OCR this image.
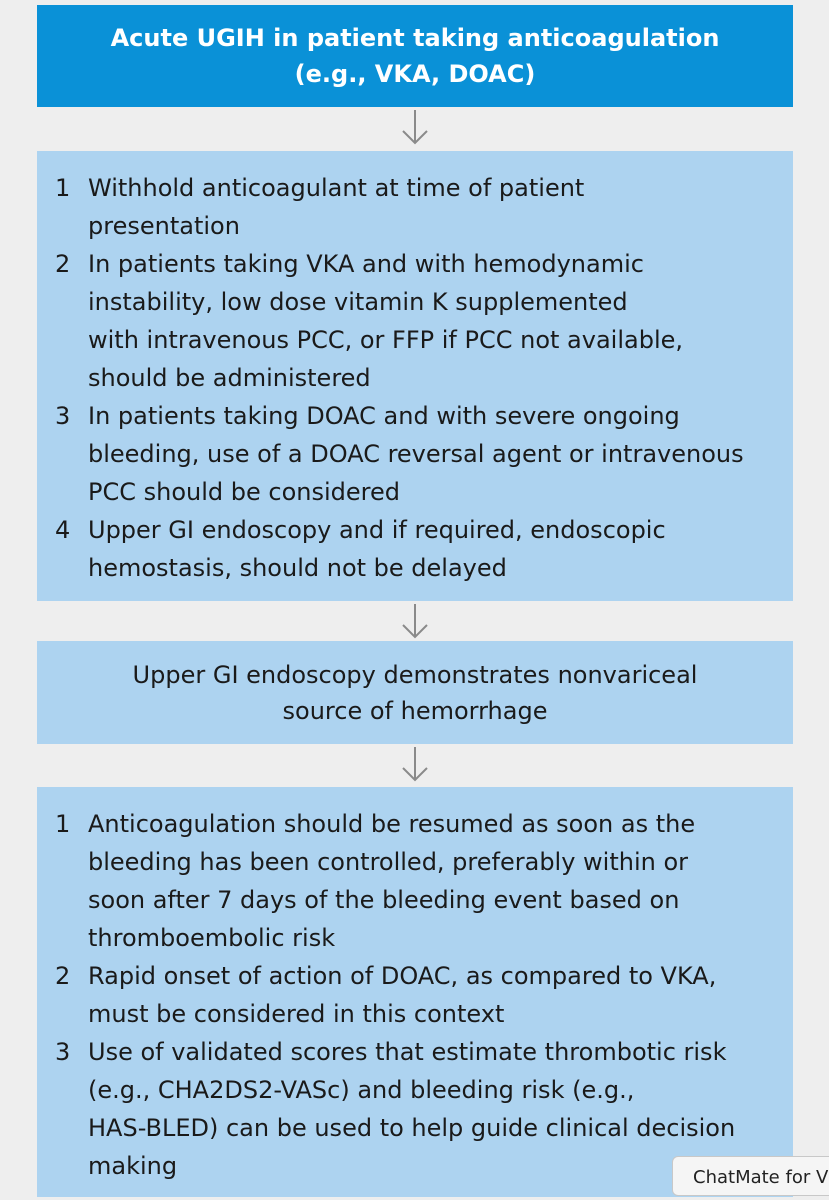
Acute UGIH in patient taking anticoagulation
(e.g., VKA, DOAC)
1 Withhold anticoagulant at time of patient
presentation
2 In patients taking VKA and with hemodynamic
instability, low dose vitamin K supplemented
with intravenous PCC, or FFP if PCC not available,
should be administered
3 In patients taking DOAC and with severe ongoing
bleeding, use of a DOAC reversal agent or intravenous
PCC should be considered
4 Upper GI endoscopy and if required, endoscopic
hemostasis, should not be delayed
Upper GI endoscopy demonstrates nonvariceal
source of hemorrhage
1 Anticoagulation should be resumed as soon as the
bleeding has been controlled, preferably within or
soon after 7 days of the bleeding event based on
thromboembolic risk
2 Rapid onset of action of DOAC, as compared to VKA,
must be considered in this context
3 Use of validated scores that estimate thrombotic risk
(e.g., CHA2DS2-VASc) and bleeding risk (e.g.,
HAS-BLED) can be used to help guide clinical decision
making	ChatMate for V
